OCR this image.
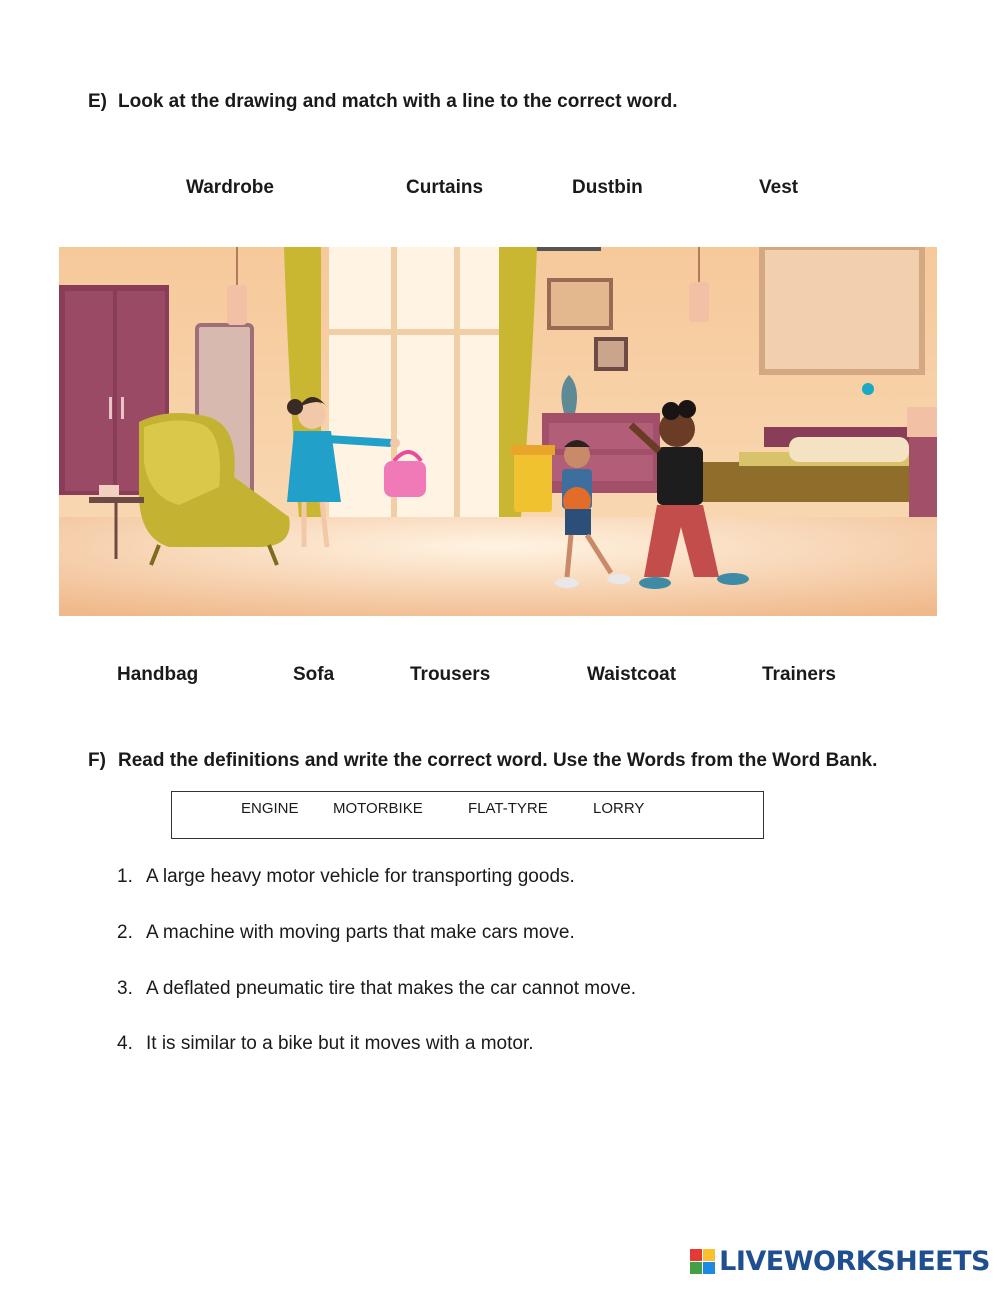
E) Look at the drawing and match with a line to the correct word.
Wardrobe	Curtains	Dustbin	Vest
Handbag	Sofa	Trousers	Waistcoat	Trainers
F) Read the definitions and write the correct word. Use the Words from the Word Bank.
ENGINE MOTORBIKE	FLAT-TYRE	LORRY
1. A large heavy motor vehicle for transporting goods.
2. A machine with moving parts that make cars move.
3. A deflated pneumatic tire that makes the car cannot move.
4. It is similar to a bike but it moves with a motor.
LIVEWORKSHEETS
